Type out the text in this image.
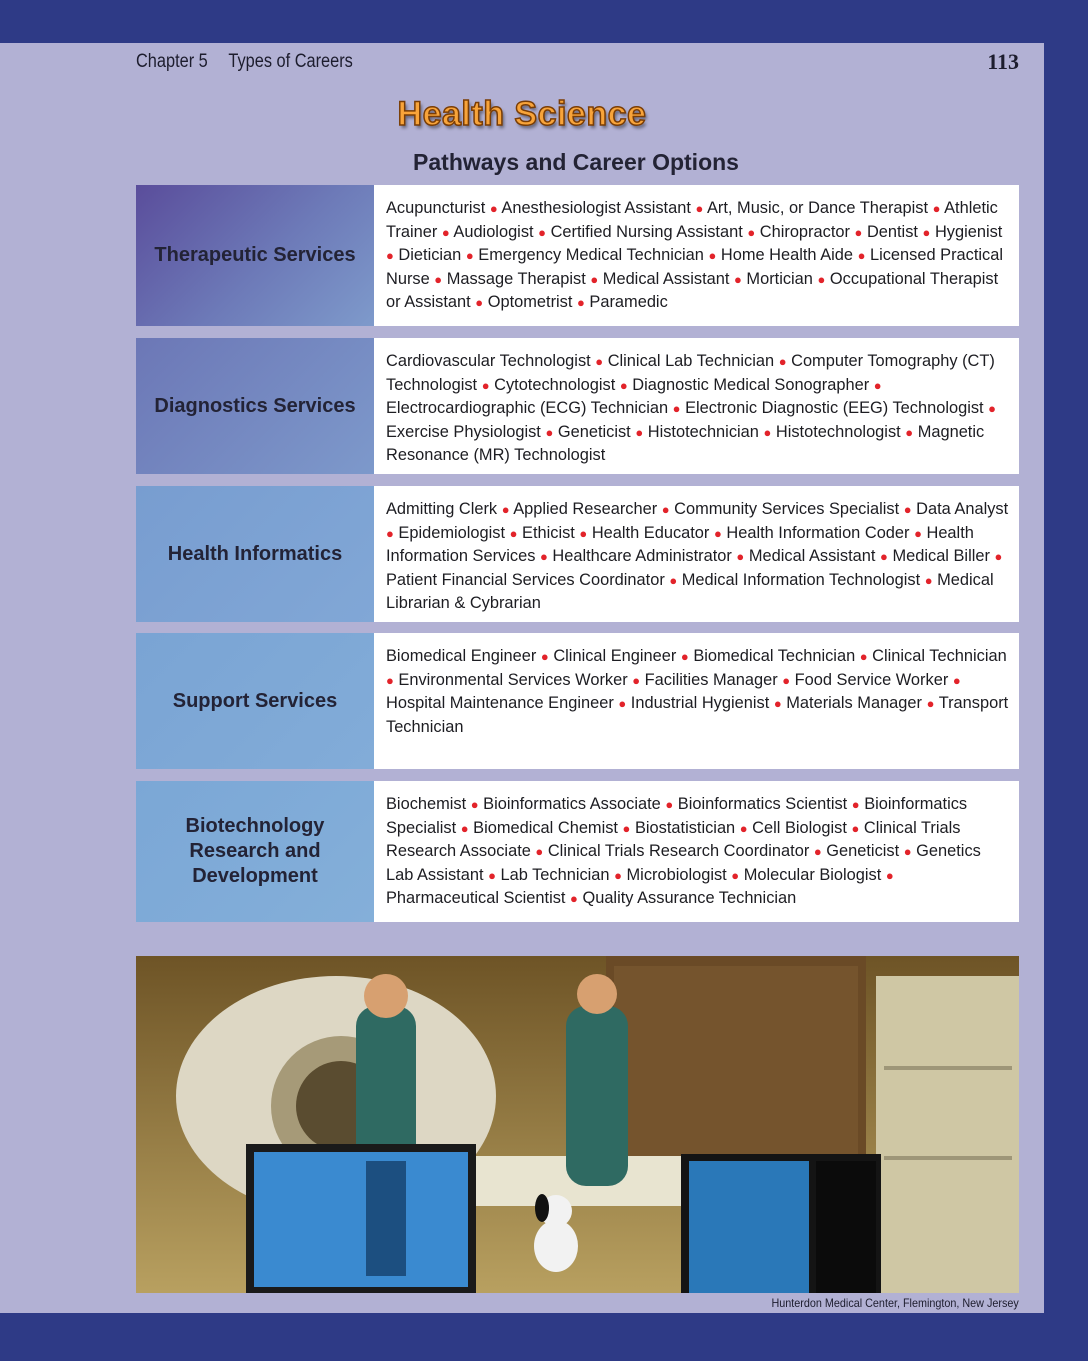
Chapter 5 Types of Careers	113
Health Science
Pathways and Career Options
Therapeutic Services
Acupuncturist ● Anesthesiologist Assistant ● Art, Music, or Dance Therapist ● Athletic Trainer ● Audiologist ● Certified Nursing Assistant ● Chiropractor ● Dentist ● Hygienist ● Dietician ● Emergency Medical Technician ● Home Health Aide ● Licensed Practical Nurse ● Massage Therapist ● Medical Assistant ● Mortician ● Occupational Therapist or Assistant ● Optometrist ● Paramedic
Diagnostics Services
Cardiovascular Technologist ● Clinical Lab Technician ● Computer Tomography (CT) Technologist ● Cytotechnologist ● Diagnostic Medical Sonographer ● Electrocardiographic (ECG) Technician ● Electronic Diagnostic (EEG) Technologist ● Exercise Physiologist ● Geneticist ● Histotechnician ● Histotechnologist ● Magnetic Resonance (MR) Technologist
Health Informatics
Admitting Clerk ● Applied Researcher ● Community Services Specialist ● Data Analyst ● Epidemiologist ● Ethicist ● Health Educator ● Health Information Coder ● Health Information Services ● Healthcare Administrator ● Medical Assistant ● Medical Biller ● Patient Financial Services Coordinator ● Medical Information Technologist ● Medical Librarian & Cybrarian
Support Services
Biomedical Engineer ● Clinical Engineer ● Biomedical Technician ● Clinical Technician ● Environmental Services Worker ● Facilities Manager ● Food Service Worker ● Hospital Maintenance Engineer ● Industrial Hygienist ● Materials Manager ● Transport Technician
Biotechnology Research and Development
Biochemist ● Bioinformatics Associate ● Bioinformatics Scientist ● Bioinformatics Specialist ● Biomedical Chemist ● Biostatistician ● Cell Biologist ● Clinical Trials Research Associate ● Clinical Trials Research Coordinator ● Geneticist ● Genetics Lab Assistant ● Lab Technician ● Microbiologist ● Molecular Biologist ● Pharmaceutical Scientist ● Quality Assurance Technician
Hunterdon Medical Center, Flemington, New Jersey
